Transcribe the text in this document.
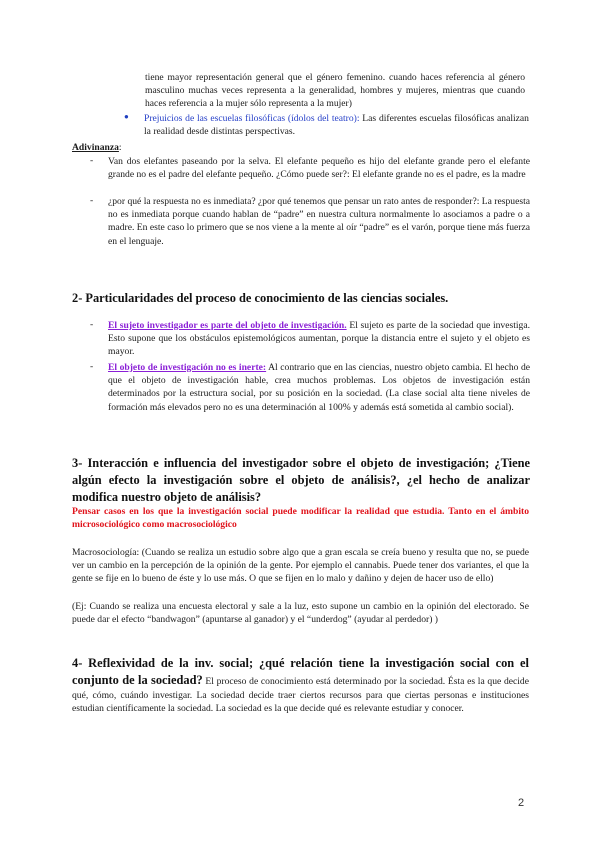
tiene mayor representación general que el género femenino. cuando haces referencia al género masculino muchas veces representa a la generalidad, hombres y mujeres, mientras que cuando haces referencia a la mujer sólo representa a la mujer)

● Prejuicios de las escuelas filosóficas (ídolos del teatro): Las diferentes escuelas filosóficas analizan la realidad desde distintas perspectivas.

Adivinanza:

- Van dos elefantes paseando por la selva. El elefante pequeño es hijo del elefante grande pero el elefante grande no es el padre del elefante pequeño. ¿Cómo puede ser?: El elefante grande no es el padre, es la madre

- ¿por qué la respuesta no es inmediata? ¿por qué tenemos que pensar un rato antes de responder?: La respuesta no es inmediata porque cuando hablan de “padre” en nuestra cultura normalmente lo asociamos a padre o a madre. En este caso lo primero que se nos viene a la mente al oír “padre” es el varón, porque tiene más fuerza en el lenguaje.

2- Particularidades del proceso de conocimiento de las ciencias sociales.
- El sujeto investigador es parte del objeto de investigación. El sujeto es parte de la sociedad que investiga. Esto supone que los obstáculos epistemológicos aumentan, porque la distancia entre el sujeto y el objeto es mayor.

- El objeto de investigación no es inerte: Al contrario que en las ciencias, nuestro objeto cambia. El hecho de que el objeto de investigación hable, crea muchos problemas. Los objetos de investigación están determinados por la estructura social, por su posición en la sociedad. (La clase social alta tiene niveles de formación más elevados pero no es una determinación al 100% y además está sometida al cambio social).

3- Interacción e influencia del investigador sobre el objeto de investigación; ¿Tiene algún efecto la investigación sobre el objeto de análisis?, ¿el hecho de analizar modifica nuestro objeto de análisis?

Pensar casos en los que la investigación social puede modificar la realidad que estudia. Tanto en el ámbito microsociológico como macrosociológico

Macrosociología: (Cuando se realiza un estudio sobre algo que a gran escala se creía bueno y resulta que no, se puede ver un cambio en la percepción de la opinión de la gente. Por ejemplo el cannabis. Puede tener dos variantes, el que la gente se fije en lo bueno de éste y lo use más. O que se fijen en lo malo y dañino y dejen de hacer uso de ello)

(Ej: Cuando se realiza una encuesta electoral y sale a la luz, esto supone un cambio en la opinión del electorado. Se puede dar el efecto “bandwagon” (apuntarse al ganador) y el “underdog” (ayudar al perdedor) )

4- Reflexividad de la inv. social; ¿qué relación tiene la investigación social con el conjunto de la sociedad? El proceso de conocimiento está determinado por la sociedad. Ésta es la que decide qué, cómo, cuándo investigar. La sociedad decide traer ciertos recursos para que ciertas personas e instituciones estudian científicamente la sociedad. La sociedad es la que decide qué es relevante estudiar y conocer.

2
